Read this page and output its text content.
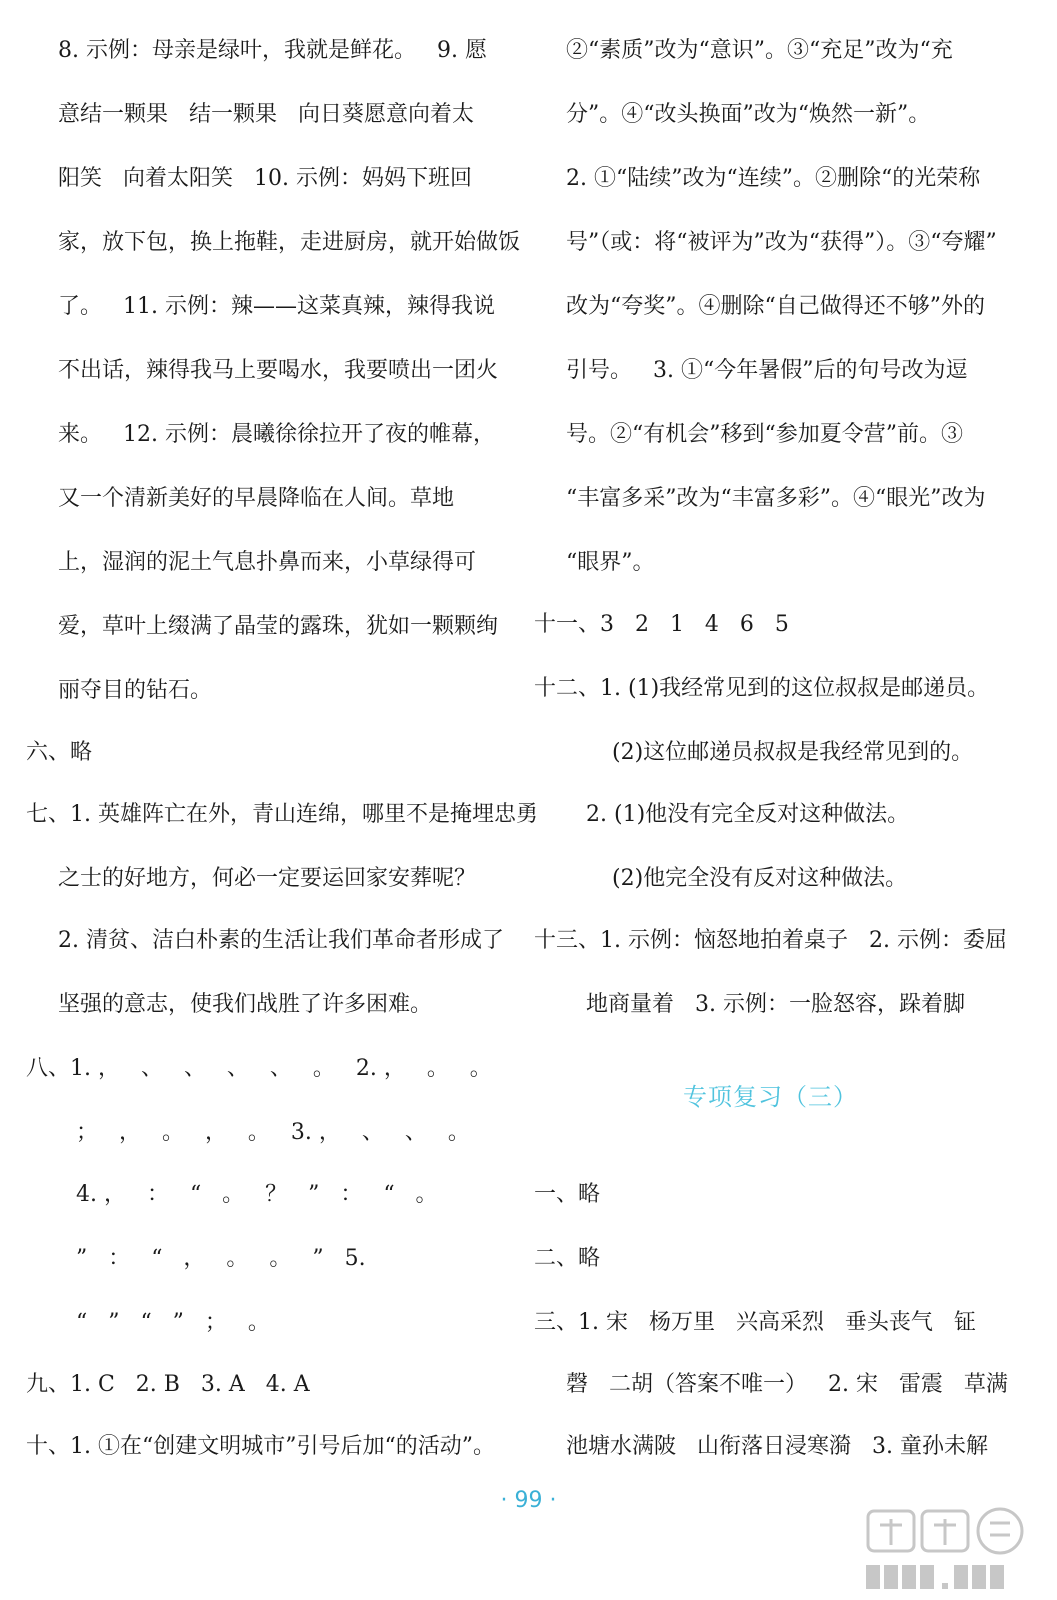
8. 示例：母亲是绿叶，我就是鲜花。   9. 愿
意结一颗果   结一颗果   向日葵愿意向着太
阳笑   向着太阳笑   10. 示例：妈妈下班回
家，放下包，换上拖鞋，走进厨房，就开始做饭
了。   11. 示例：辣——这菜真辣，辣得我说
不出话，辣得我马上要喝水，我要喷出一团火
来。   12. 示例：晨曦徐徐拉开了夜的帷幕，
又一个清新美好的早晨降临在人间。草地
上，湿润的泥土气息扑鼻而来，小草绿得可
爱，草叶上缀满了晶莹的露珠，犹如一颗颗绚
丽夺目的钻石。
六、略
七、1. 英雄阵亡在外，青山连绵，哪里不是掩埋忠勇
之士的好地方，何必一定要运回家安葬呢？
2. 清贫、洁白朴素的生活让我们革命者形成了
坚强的意志，使我们战胜了许多困难。
八、1. ，   、   、   、   、   。   2. ，   。   。
；   ，   。   ，   。   3. ，   、   、   。
4. ，   ：   “   。   ？   ”   ：   “   。
”   ：   “   ，   。   。   ”   5.
“   ”   “   ”   ；   。
九、1. C   2. B   3. A   4. A
十、1. ①在“创建文明城市”引号后加“的活动”。
②“素质”改为“意识”。③“充足”改为“充
分”。④“改头换面”改为“焕然一新”。
2. ①“陆续”改为“连续”。②删除“的光荣称
号”（或：将“被评为”改为“获得”）。③“夸耀”
改为“夸奖”。④删除“自己做得还不够”外的
引号。   3. ①“今年暑假”后的句号改为逗
号。②“有机会”移到“参加夏令营”前。③
“丰富多采”改为“丰富多彩”。④“眼光”改为
“眼界”。
十一、3   2   1   4   6   5
十二、1. (1)我经常见到的这位叔叔是邮递员。
(2)这位邮递员叔叔是我经常见到的。
2. (1)他没有完全反对这种做法。
(2)他完全没有反对这种做法。
十三、1. 示例：恼怒地拍着桌子   2. 示例：委屈
地商量着   3. 示例：一脸怒容，跺着脚
一、略
二、略
三、1. 宋   杨万里   兴高采烈   垂头丧气   钲
磬   二胡（答案不唯一）   2. 宋   雷震   草满
池塘水满陂   山衔落日浸寒漪   3. 童孙未解
专项复习（三）
· 99 ·
